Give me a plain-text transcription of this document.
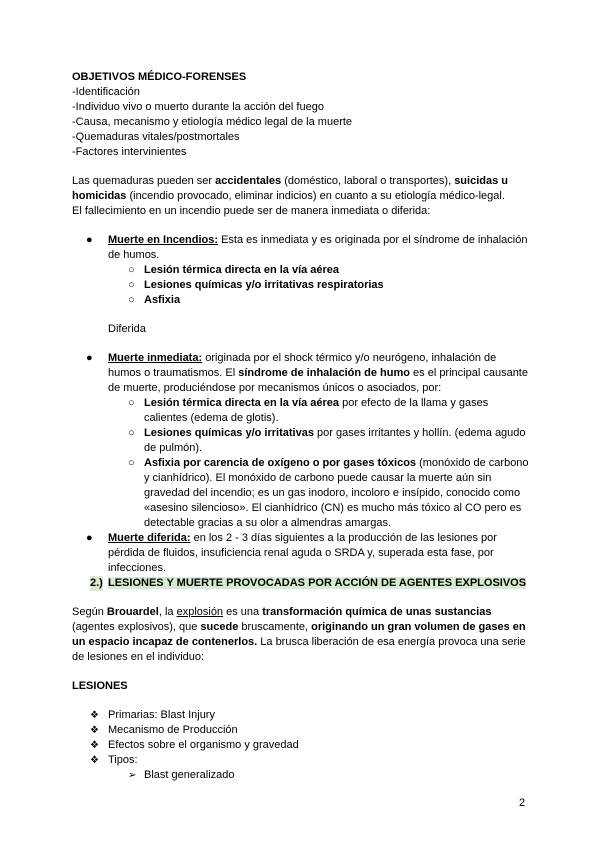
OBJETIVOS MÉDICO-FORENSES

-Identificación

-Individuo vivo o muerto durante la acción del fuego

-Causa, mecanismo y etiología médico legal de la muerte

-Quemaduras vitales/postmortales

-Factores intervinientes

Las quemaduras pueden ser accidentales (doméstico, laboral o transportes), suicidas u homicidas (incendio provocado, eliminar indicios) en cuanto a su etiología médico-legal.

El fallecimiento en un incendio puede ser de manera inmediata o diferida:

● Muerte en Incendios: Esta es inmediata y es originada por el síndrome de inhalación de humos.
○ Lesión térmica directa en la vía aérea
○ Lesiones químicas y/o irritativas respiratorias
○ Asfixia

Diferida

● Muerte inmediata: originada por el shock térmico y/o neurógeno, inhalación de humos o traumatismos. El síndrome de inhalación de humo es el principal causante de muerte, produciéndose por mecanismos únicos o asociados, por:
○ Lesión térmica directa en la vía aérea por efecto de la llama y gases calientes (edema de glotis).
○ Lesiones químicas y/o irritativas por gases irritantes y hollín. (edema agudo de pulmón).
○ Asfixia por carencia de oxígeno o por gases tóxicos (monóxido de carbono y cianhídrico). El monóxido de carbono puede causar la muerte aún sin gravedad del incendio; es un gas inodoro, incoloro e insípido, conocido como «asesino silencioso». El cianhídrico (CN) es mucho más tóxico al CO pero es detectable gracias a su olor a almendras amargas.
● Muerte diferida: en los 2 - 3 días siguientes a la producción de las lesiones por pérdida de fluidos, insuficiencia renal aguda o SRDA y, superada esta fase, por infecciones.
2.) LESIONES Y MUERTE PROVOCADAS POR ACCIÓN DE AGENTES EXPLOSIVOS

Según Brouardel, la explosión es una transformación química de unas sustancias (agentes explosivos), que sucede bruscamente, originando un gran volumen de gases en un espacio incapaz de contenerlos. La brusca liberación de esa energía provoca una serie de lesiones en el individuo:

LESIONES

❖ Primarias: Blast Injury
❖ Mecanismo de Producción
❖ Efectos sobre el organismo y gravedad
❖ Tipos:
➢ Blast generalizado
2
